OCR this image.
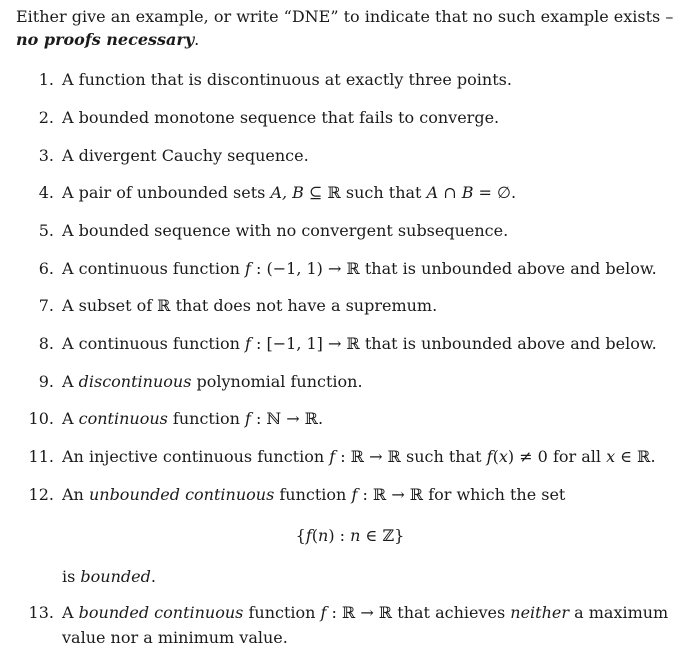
Either give an example, or write “DNE” to indicate that no such example exists –
no proofs necessary.
1. A function that is discontinuous at exactly three points.
2. A bounded monotone sequence that fails to converge.
3. A divergent Cauchy sequence.
4. A pair of unbounded sets A, B ⊆ ℝ such that A ∩ B = ∅.
5. A bounded sequence with no convergent subsequence.
6. A continuous function f : (−1, 1) → ℝ that is unbounded above and below.
7. A subset of ℝ that does not have a supremum.
8. A continuous function f : [−1, 1] → ℝ that is unbounded above and below.
9. A discontinuous polynomial function.
10. A continuous function f : ℕ → ℝ.
11. An injective continuous function f : ℝ → ℝ such that f(x) ≠ 0 for all x ∈ ℝ.
12. An unbounded continuous function f : ℝ → ℝ for which the set
13. A bounded continuous function f : ℝ → ℝ that achieves neither a maximum
{f(n) : n ∈ ℤ}
is bounded.
value nor a minimum value.
